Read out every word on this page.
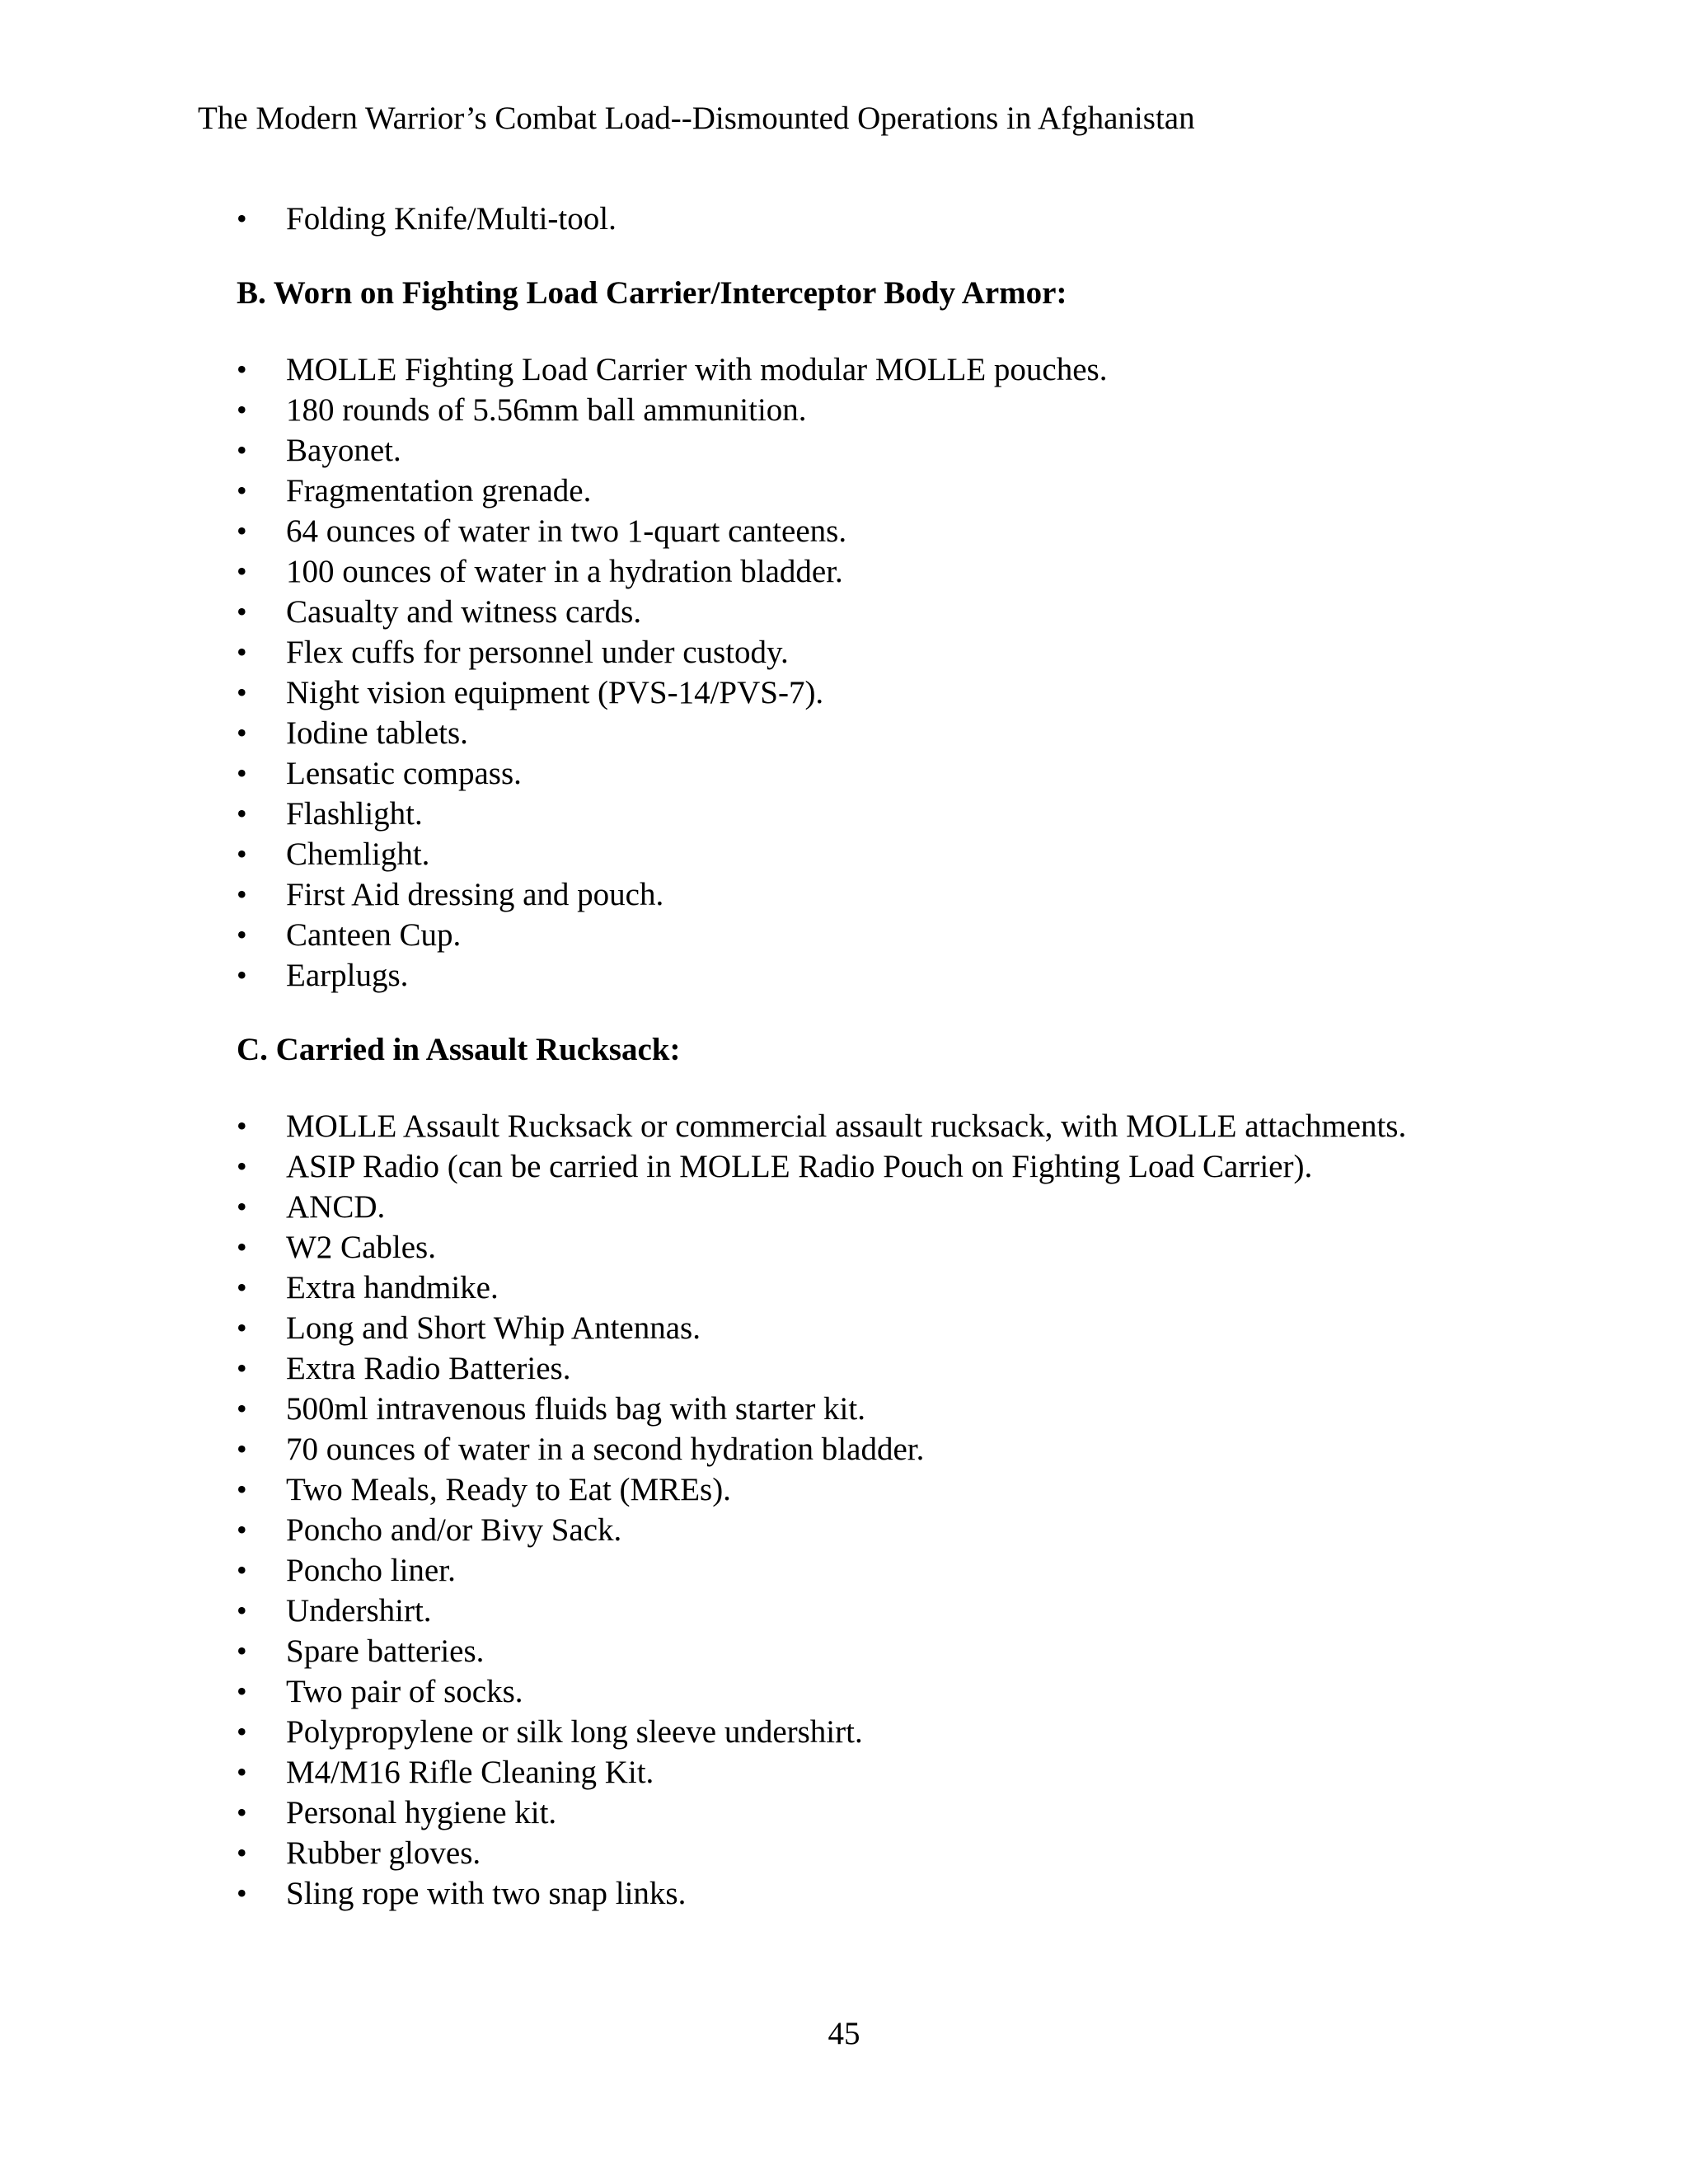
The Modern Warrior’s Combat Load--Dismounted Operations in Afghanistan
•	Folding Knife/Multi-tool.
B. Worn on Fighting Load Carrier/Interceptor Body Armor:
•	MOLLE Fighting Load Carrier with modular MOLLE pouches.
•	180 rounds of 5.56mm ball ammunition.
•	Bayonet.
•	Fragmentation grenade.
•	64 ounces of water in two 1-quart canteens.
•	100 ounces of water in a hydration bladder.
•	Casualty and witness cards.
•	Flex cuffs for personnel under custody.
•	Night vision equipment (PVS-14/PVS-7).
•	Iodine tablets.
•	Lensatic compass.
•	Flashlight.
•	Chemlight.
•	First Aid dressing and pouch.
•	Canteen Cup.
•	Earplugs.
C. Carried in Assault Rucksack:
•	MOLLE Assault Rucksack or commercial assault rucksack, with MOLLE attachments.
•	ASIP Radio (can be carried in MOLLE Radio Pouch on Fighting Load Carrier).
•	ANCD.
•	W2 Cables.
•	Extra handmike.
•	Long and Short Whip Antennas.
•	Extra Radio Batteries.
•	500ml intravenous fluids bag with starter kit.
•	70 ounces of water in a second hydration bladder.
•	Two Meals, Ready to Eat (MREs).
•	Poncho and/or Bivy Sack.
•	Poncho liner.
•	Undershirt.
•	Spare batteries.
•	Two pair of socks.
•	Polypropylene or silk long sleeve undershirt.
•	M4/M16 Rifle Cleaning Kit.
•	Personal hygiene kit.
•	Rubber gloves.
•	Sling rope with two snap links.
45
